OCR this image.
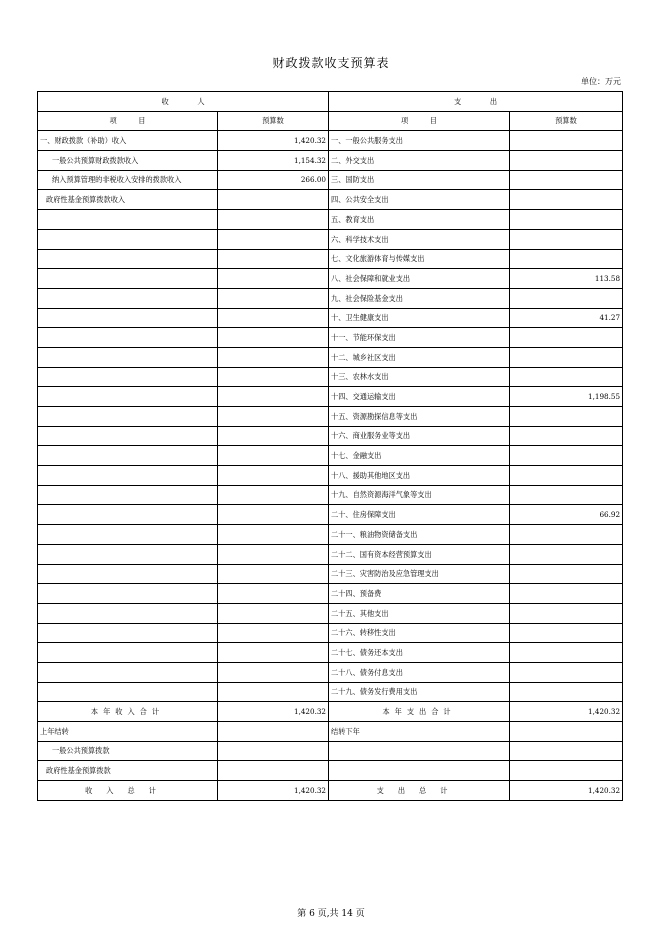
财政拨款收支预算表
单位：万元
收　　　　人		支　　　　出	
项　　　目	预算数	项　　　目	预算数
一、财政拨款（补助）收入	1,420.32	一、一般公共服务支出	
一般公共预算财政拨款收入	1,154.32	二、外交支出	
纳入预算管理的非税收入安排的拨款收入	266.00	三、国防支出	
政府性基金预算拨款收入		四、公共安全支出	
		五、教育支出	
		六、科学技术支出	
		七、文化旅游体育与传媒支出	
		八、社会保障和就业支出	113.58
		九、社会保险基金支出	
		十、卫生健康支出	41.27
		十一、节能环保支出	
		十二、城乡社区支出	
		十三、农林水支出	
		十四、交通运输支出	1,198.55
		十五、资源勘探信息等支出	
		十六、商业服务业等支出	
		十七、金融支出	
		十八、援助其他地区支出	
		十九、自然资源海洋气象等支出	
		二十、住房保障支出	66.92
		二十一、粮油物资储备支出	
		二十二、国有资本经营预算支出	
		二十三、灾害防治及应急管理支出	
		二十四、预备费	
		二十五、其他支出	
		二十六、转移性支出	
		二十七、债务还本支出	
		二十八、债务付息支出	
		二十九、债务发行费用支出	
本年收入合计	1,420.32	本年支出合计	1,420.32
上年结转		结转下年	
一般公共预算拨款			
政府性基金预算拨款			
收入总计	1,420.32	支出总计	1,420.32
第 6 页,共 14 页
